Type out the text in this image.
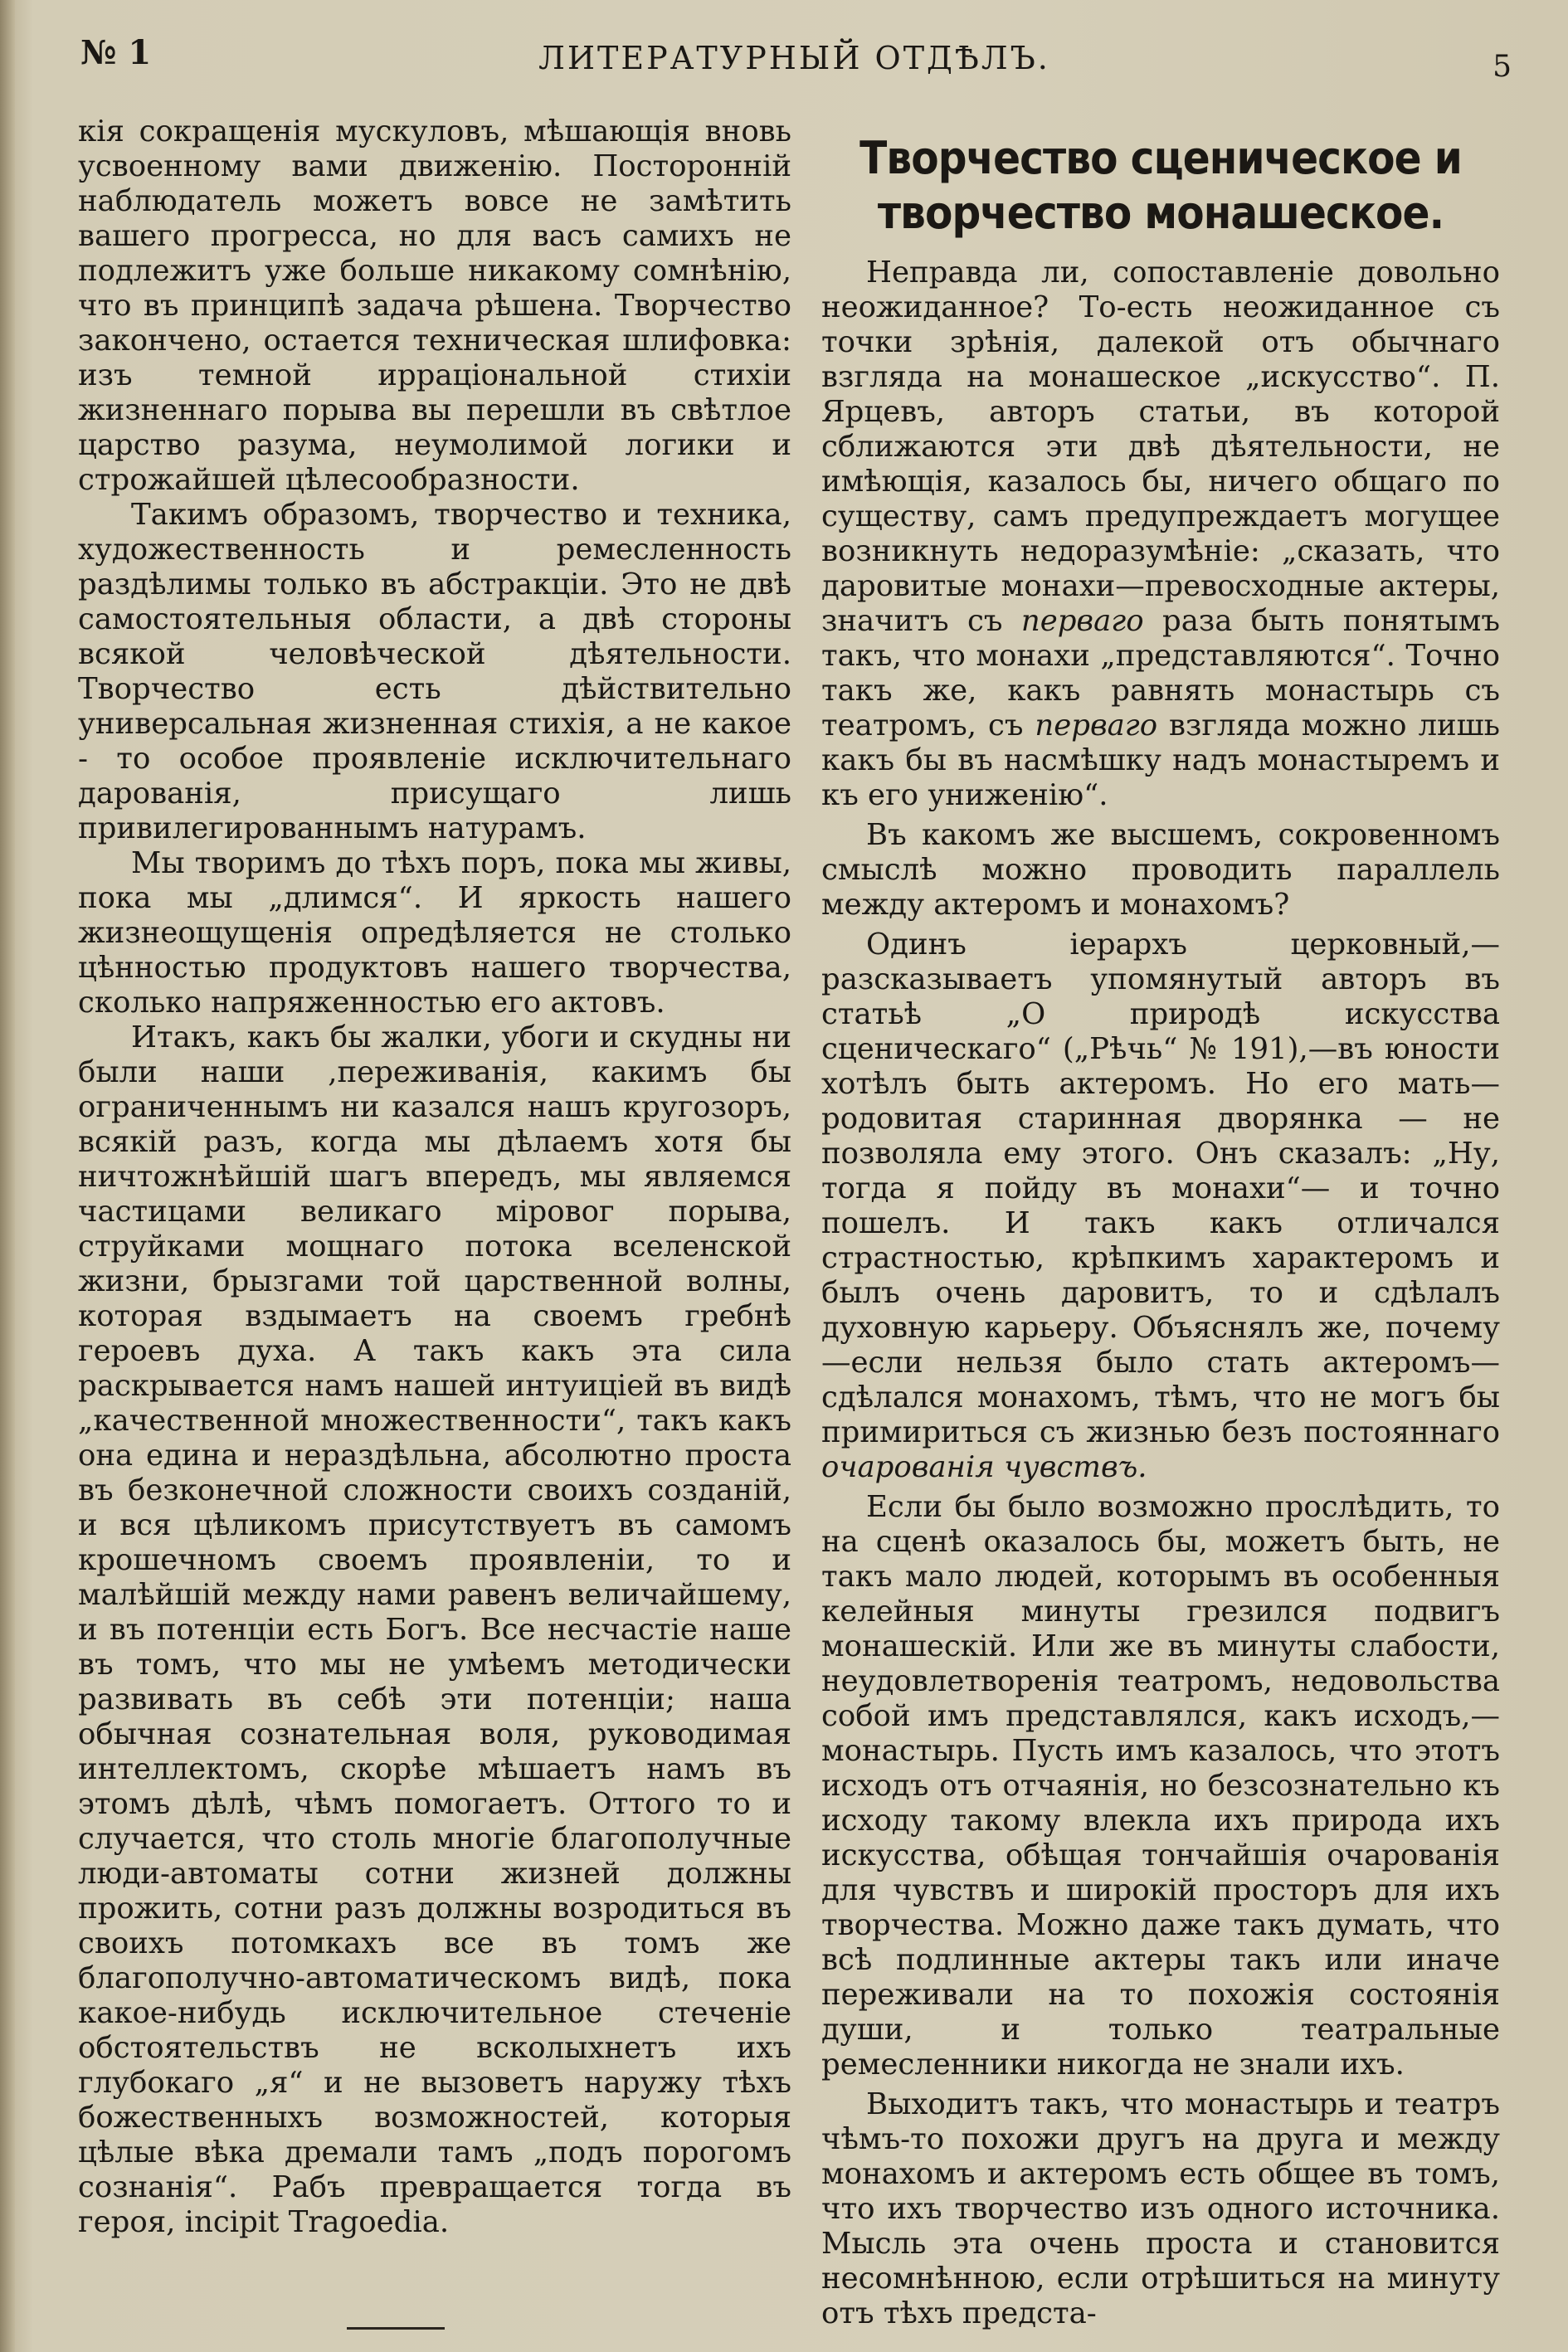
№ 1	ЛИТЕРАТУРНЫЙ ОТДѢЛЪ.	5

кія сокращенія мускуловъ, мѣшающія вновь усвоенному вами движенію. Посторонній наблюдатель можетъ вовсе не замѣтить вашего прогресса, но для васъ самихъ не подлежитъ уже больше никакому сомнѣнію, что въ принципѣ задача рѣшена. Творчество закончено, остается техническая шлифовка: изъ темной ирраціональной стихіи жизненнаго порыва вы перешли въ свѣтлое царство разума, неумолимой логики и строжайшей цѣлесообразности.

Такимъ образомъ, творчество и техника, художественность и ремесленность раздѣлимы только въ абстракціи. Это не двѣ самостоятельныя области, а двѣ стороны всякой человѣческой дѣятельности. Творчество есть дѣйствительно универсальная жизненная стихія, а не какое - то особое проявленіе исключительнаго дарованія, присущаго лишь привилегированнымъ натурамъ.

Мы творимъ до тѣхъ поръ, пока мы живы, пока мы „длимся“. И яркость нашего жизнеощущенія опредѣляется не столько цѣнностью продуктовъ нашего творчества, сколько напряженностью его актовъ.

Итакъ, какъ бы жалки, убоги и скудны ни были наши ,переживанія, какимъ бы ограниченнымъ ни казался нашъ кругозоръ, всякій разъ, когда мы дѣлаемъ хотя бы ничтожнѣйшій шагъ впередъ, мы являемся частицами великаго міровог порыва, струйками мощнаго потока вселенской жизни, брызгами той царственной волны, которая вздымаетъ на своемъ гребнѣ героевъ духа. А такъ какъ эта сила раскрывается намъ нашей интуиціей въ видѣ „качественной множественности“, такъ какъ она едина и нераздѣльна, абсолютно проста въ безконечной сложности своихъ созданій, и вся цѣликомъ присутствуетъ въ самомъ крошечномъ своемъ проявленіи, то и малѣйшій между нами равенъ величайшему, и въ потенціи есть Богъ. Все несчастіе наше въ томъ, что мы не умѣемъ методически развивать въ себѣ эти потенціи; наша обычная сознательная воля, руководимая интеллектомъ, скорѣе мѣшаетъ намъ въ этомъ дѣлѣ, чѣмъ помогаетъ. Оттого то и случается, что столь многіе благополучные люди-автоматы сотни жизней должны прожить, сотни разъ должны возродиться въ своихъ потомкахъ все въ томъ же благополучно-автоматическомъ видѣ, пока какое-нибудь исключительное стеченіе обстоятельствъ не всколыхнетъ ихъ глубокаго „я“ и не вызоветъ наружу тѣхъ божественныхъ возможностей, которыя цѣлые вѣка дремали тамъ „подъ порогомъ сознанія“. Рабъ превращается тогда въ героя, incipit Tragoedia.

Творчество сценическое и творчество монашеское.

Неправда ли, сопоставленіе довольно неожиданное? То-есть неожиданное съ точки зрѣнія, далекой отъ обычнаго взгляда на монашеское „искусство“. П. Ярцевъ, авторъ статьи, въ которой сближаются эти двѣ дѣятельности, не имѣющія, казалось бы, ничего общаго по существу, самъ предупреждаетъ могущее возникнуть недоразумѣніе: „сказать, что даровитые монахи—превосходные актеры, значитъ съ перваго раза быть понятымъ такъ, что монахи „представляются“. Точно такъ же, какъ равнять монастырь съ театромъ, съ перваго взгляда можно лишь какъ бы въ насмѣшку надъ монастыремъ и къ его униженію“.

Въ какомъ же высшемъ, сокровенномъ смыслѣ можно проводить параллель между актеромъ и монахомъ?

Одинъ іерархъ церковный,—разсказываетъ упомянутый авторъ въ статьѣ „О природѣ искусства сценическаго“ („Рѣчь“ № 191),—въ юности хотѣлъ быть актеромъ. Но его мать—родовитая старинная дворянка — не позволяла ему этого. Онъ сказалъ: „Ну, тогда я пойду въ монахи“— и точно пошелъ. И такъ какъ отличался страстностью, крѣпкимъ характеромъ и былъ очень даровитъ, то и сдѣлалъ духовную карьеру. Объяснялъ же, почему—если нельзя было стать актеромъ—сдѣлался монахомъ, тѣмъ, что не могъ бы примириться съ жизнью безъ постояннаго очарованія чувствъ.

Если бы было возможно прослѣдить, то на сценѣ оказалось бы, можетъ быть, не такъ мало людей, которымъ въ особенныя келейныя минуты грезился подвигъ монашескій. Или же въ минуты слабости, неудовлетворенія театромъ, недовольства собой имъ представлялся, какъ исходъ,—монастырь. Пусть имъ казалось, что этотъ исходъ отъ отчаянія, но безсознательно къ исходу такому влекла ихъ природа ихъ искусства, обѣщая тончайшія очарованія для чувствъ и широкій просторъ для ихъ творчества. Можно даже такъ думать, что всѣ подлинные актеры такъ или иначе переживали на то похожія состоянія души, и только театральные ремесленники никогда не знали ихъ.

Выходитъ такъ, что монастырь и театръ чѣмъ-то похожи другъ на друга и между монахомъ и актеромъ есть общее въ томъ, что ихъ творчество изъ одного источника. Мысль эта очень проста и становится несомнѣнною, если отрѣшиться на минуту отъ тѣхъ предста-
